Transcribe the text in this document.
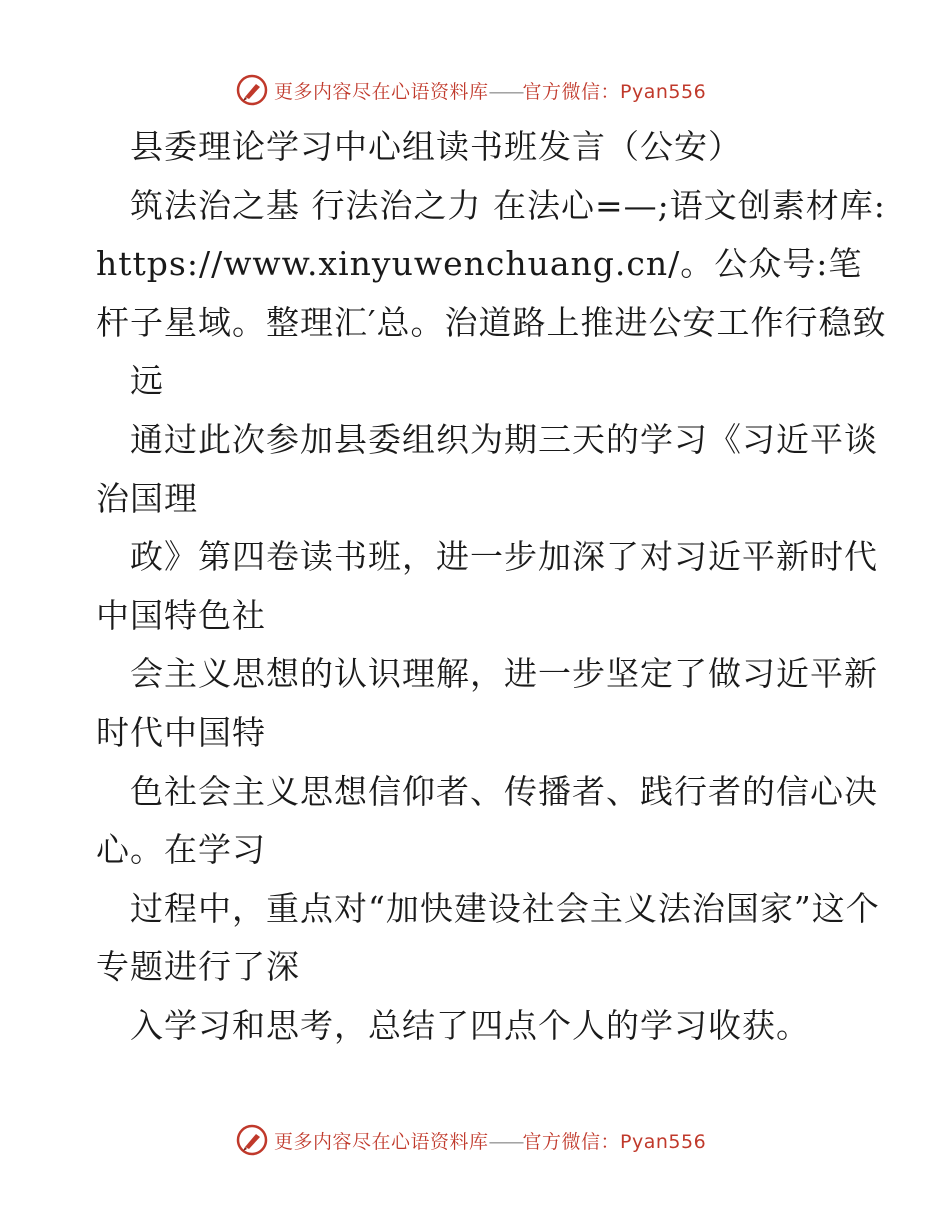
更多内容尽在心语资料库——官方微信：Pyan556

　县委理论学习中心组读书班发言（公安）

　筑法治之基 行法治之力 在法心=—;语文创素材库: https://www.xinyuwenchuang.cn/。公众号:笔杆子星域。整理汇′总。治道路上推进公安工作行稳致

　远

　通过此次参加县委组织为期三天的学习《习近平谈治国理

　政》第四卷读书班，进一步加深了对习近平新时代中国特色社

　会主义思想的认识理解，进一步坚定了做习近平新时代中国特

　色社会主义思想信仰者、传播者、践行者的信心决心。在学习

　过程中，重点对“加快建设社会主义法治国家”这个专题进行了深

　入学习和思考，总结了四点个人的学习收获。

更多内容尽在心语资料库——官方微信：Pyan556
